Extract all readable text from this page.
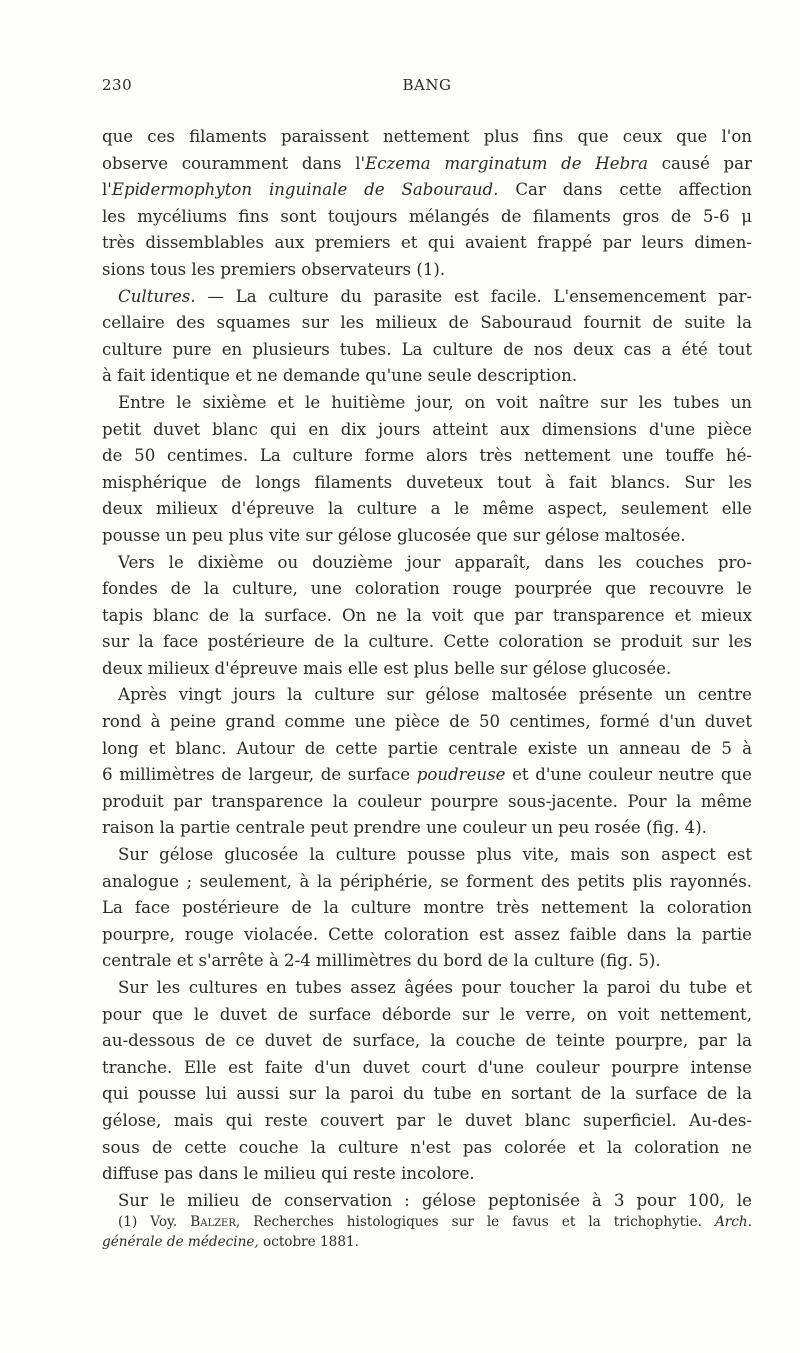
230	BANG
que ces filaments paraissent nettement plus fins que ceux que l'on
observe couramment dans l'Eczema marginatum de Hebra causé par
l'Epidermophyton inguinale de Sabouraud. Car dans cette affection
les mycéliums fins sont toujours mélangés de filaments gros de 5-6 μ
très dissemblables aux premiers et qui avaient frappé par leurs dimen-
sions tous les premiers observateurs (1).
Cultures. — La culture du parasite est facile. L'ensemencement par-
cellaire des squames sur les milieux de Sabouraud fournit de suite la
culture pure en plusieurs tubes. La culture de nos deux cas a été tout
à fait identique et ne demande qu'une seule description.
Entre le sixième et le huitième jour, on voit naître sur les tubes un
petit duvet blanc qui en dix jours atteint aux dimensions d'une pièce
de 50 centimes. La culture forme alors très nettement une touffe hé-
misphérique de longs filaments duveteux tout à fait blancs. Sur les
deux milieux d'épreuve la culture a le même aspect, seulement elle
pousse un peu plus vite sur gélose glucosée que sur gélose maltosée.
Vers le dixième ou douzième jour apparaît, dans les couches pro-
fondes de la culture, une coloration rouge pourprée que recouvre le
tapis blanc de la surface. On ne la voit que par transparence et mieux
sur la face postérieure de la culture. Cette coloration se produit sur les
deux milieux d'épreuve mais elle est plus belle sur gélose glucosée.
Après vingt jours la culture sur gélose maltosée présente un centre
rond à peine grand comme une pièce de 50 centimes, formé d'un duvet
long et blanc. Autour de cette partie centrale existe un anneau de 5 à
6 millimètres de largeur, de surface poudreuse et d'une couleur neutre que
produit par transparence la couleur pourpre sous-jacente. Pour la même
raison la partie centrale peut prendre une couleur un peu rosée (fig. 4).
Sur gélose glucosée la culture pousse plus vite, mais son aspect est
analogue ; seulement, à la périphérie, se forment des petits plis rayonnés.
La face postérieure de la culture montre très nettement la coloration
pourpre, rouge violacée. Cette coloration est assez faible dans la partie
centrale et s'arrête à 2-4 millimètres du bord de la culture (fig. 5).
Sur les cultures en tubes assez âgées pour toucher la paroi du tube et
pour que le duvet de surface déborde sur le verre, on voit nettement,
au-dessous de ce duvet de surface, la couche de teinte pourpre, par la
tranche. Elle est faite d'un duvet court d'une couleur pourpre intense
qui pousse lui aussi sur la paroi du tube en sortant de la surface de la
gélose, mais qui reste couvert par le duvet blanc superficiel. Au-des-
sous de cette couche la culture n'est pas colorée et la coloration ne
diffuse pas dans le milieu qui reste incolore.
Sur le milieu de conservation : gélose peptonisée à 3 pour 100, le
(1) Voy. Balzer, Recherches histologiques sur le favus et la trichophytie. Arch.
générale de médecine, octobre 1881.
